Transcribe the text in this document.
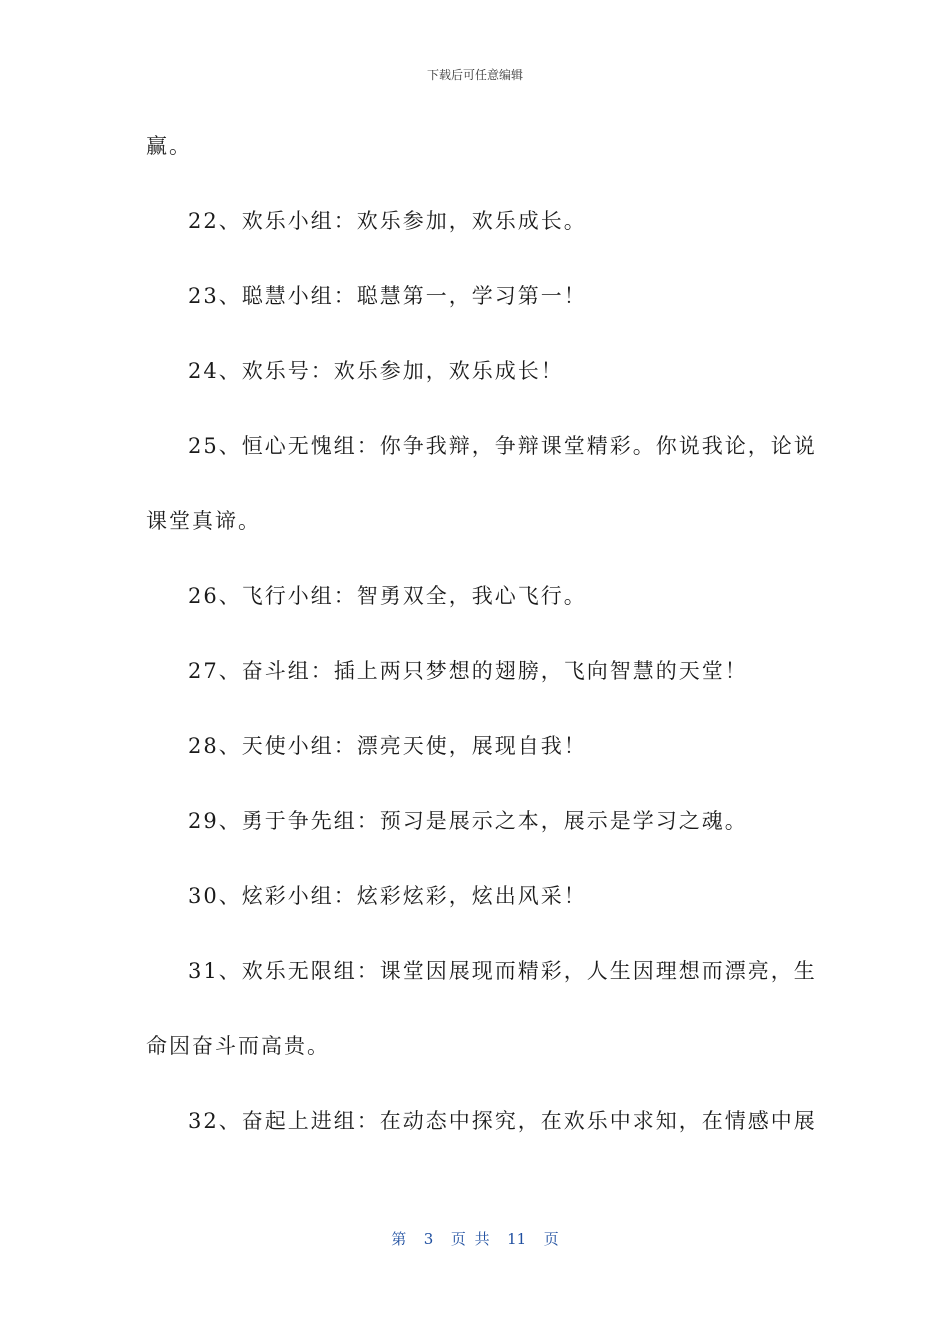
下载后可任意编辑
赢。
22、欢乐小组：欢乐参加，欢乐成长。
23、聪慧小组：聪慧第一，学习第一！
24、欢乐号：欢乐参加，欢乐成长！
25、恒心无愧组：你争我辩，争辩课堂精彩。你说我论，论说
课堂真谛。
26、飞行小组：智勇双全，我心飞行。
27、奋斗组：插上两只梦想的翅膀，飞向智慧的天堂！
28、天使小组：漂亮天使，展现自我！
29、勇于争先组：预习是展示之本，展示是学习之魂。
30、炫彩小组：炫彩炫彩，炫出风采！
31、欢乐无限组：课堂因展现而精彩，人生因理想而漂亮，生
命因奋斗而高贵。
32、奋起上进组：在动态中探究，在欢乐中求知，在情感中展
第  3  页 共  11  页
